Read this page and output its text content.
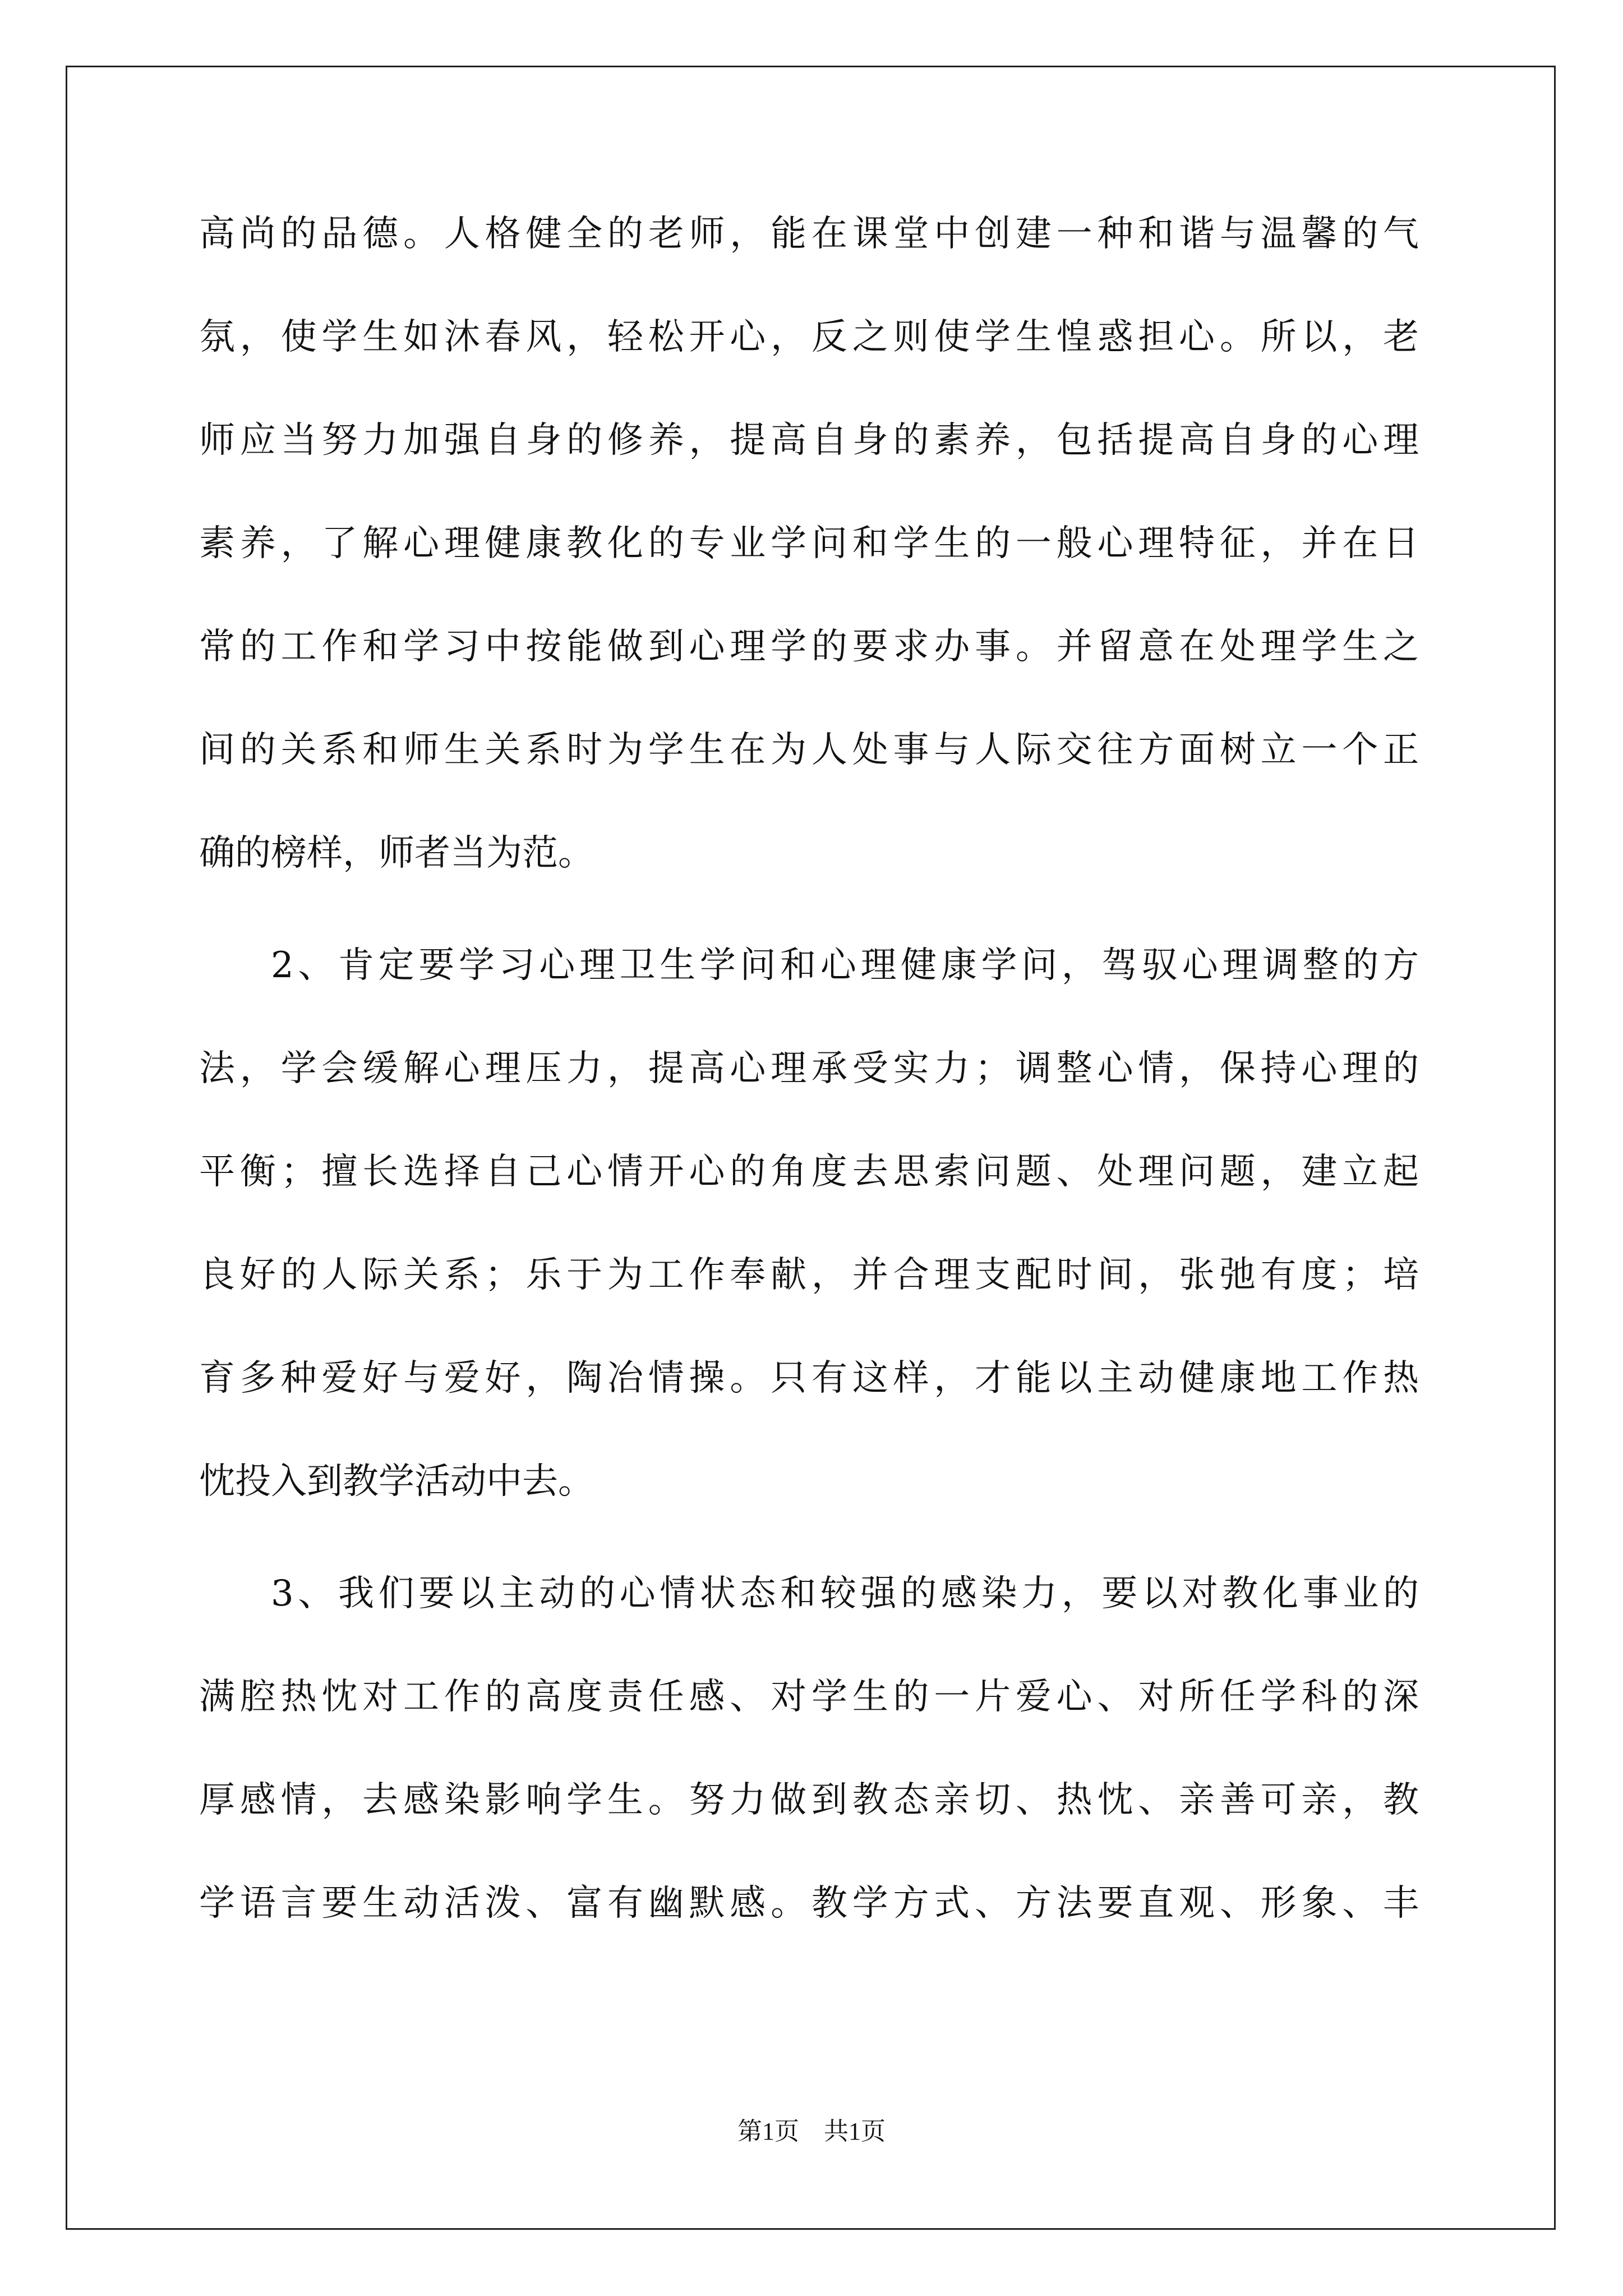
高尚的品德。人格健全的老师，能在课堂中创建一种和谐与温馨的气
氛，使学生如沐春风，轻松开心，反之则使学生惶惑担心。所以，老
师应当努力加强自身的修养，提高自身的素养，包括提高自身的心理
素养，了解心理健康教化的专业学问和学生的一般心理特征，并在日
常的工作和学习中按能做到心理学的要求办事。并留意在处理学生之
间的关系和师生关系时为学生在为人处事与人际交往方面树立一个正
确的榜样，师者当为范。
2、肯定要学习心理卫生学问和心理健康学问，驾驭心理调整的方
法，学会缓解心理压力，提高心理承受实力；调整心情，保持心理的
平衡；擅长选择自己心情开心的角度去思索问题、处理问题，建立起
良好的人际关系；乐于为工作奉献，并合理支配时间，张弛有度；培
育多种爱好与爱好，陶冶情操。只有这样，才能以主动健康地工作热
忱投入到教学活动中去。
3、我们要以主动的心情状态和较强的感染力，要以对教化事业的
满腔热忱对工作的高度责任感、对学生的一片爱心、对所任学科的深
厚感情，去感染影响学生。努力做到教态亲切、热忱、亲善可亲，教
学语言要生动活泼、富有幽默感。教学方式、方法要直观、形象、丰
第1页　共1页
